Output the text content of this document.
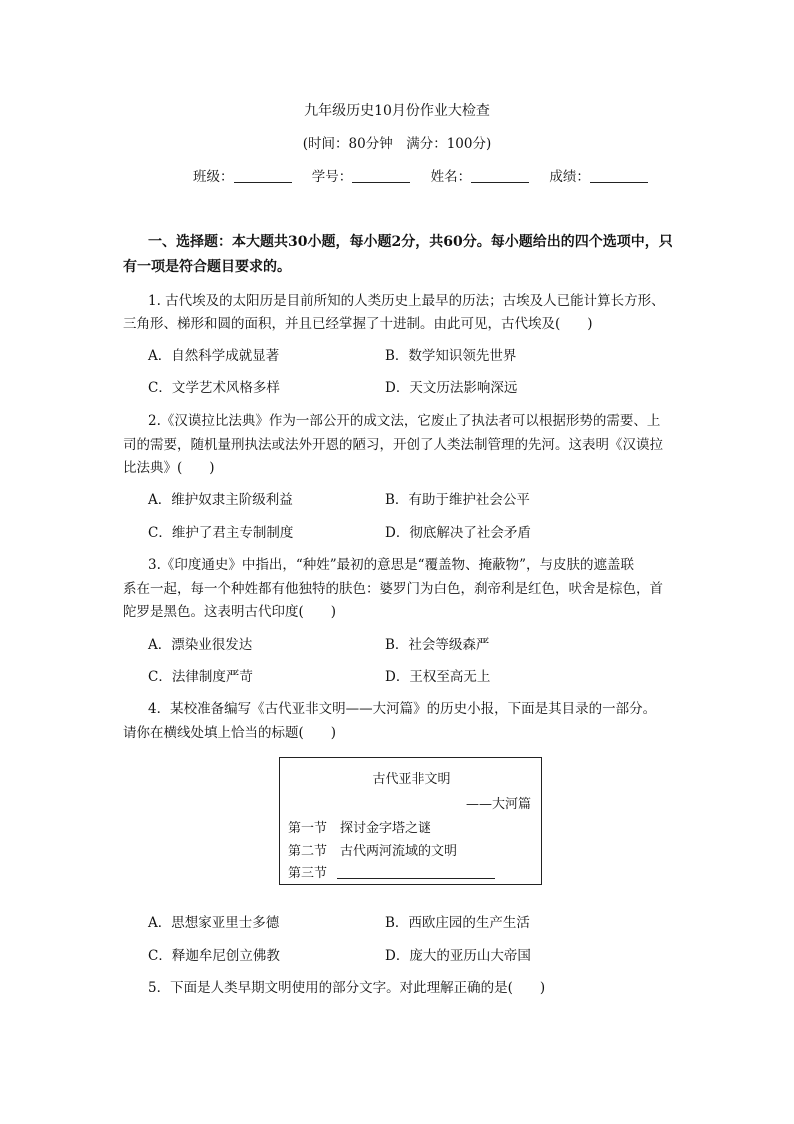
九年级历史10月份作业大检查
(时间：80分钟　满分：100分)
班级：	学号：	姓名：	成绩：
一、选择题：本大题共30小题，每小题2分，共60分。每小题给出的四个选项中，只
有一项是符合题目要求的。
1. 古代埃及的太阳历是目前所知的人类历史上最早的历法；古埃及人已能计算长方形、
三角形、梯形和圆的面积，并且已经掌握了十进制。由此可见，古代埃及(　　)
A．自然科学成就显著	B．数学知识领先世界
C．文学艺术风格多样	D．天文历法影响深远
2.《汉谟拉比法典》作为一部公开的成文法，它废止了执法者可以根据形势的需要、上
司的需要，随机量刑执法或法外开恩的陋习，开创了人类法制管理的先河。这表明《汉谟拉
比法典》(　　)
A．维护奴隶主阶级利益	B．有助于维护社会公平
C．维护了君主专制制度	D．彻底解决了社会矛盾
3.《印度通史》中指出，“种姓”最初的意思是“覆盖物、掩蔽物”，与皮肤的遮盖联
系在一起，每一个种姓都有他独特的肤色：婆罗门为白色，刹帝利是红色，吠舍是棕色，首
陀罗是黑色。这表明古代印度(　　)
A．漂染业很发达	B．社会等级森严
C．法律制度严苛	D．王权至高无上
4．某校准备编写《古代亚非文明——大河篇》的历史小报，下面是其目录的一部分。
请你在横线处填上恰当的标题(　　)
古代亚非文明
——大河篇
第一节　探讨金字塔之谜
第二节　古代两河流域的文明
第三节
A．思想家亚里士多德	B．西欧庄园的生产生活
C．释迦牟尼创立佛教	D．庞大的亚历山大帝国
5．下面是人类早期文明使用的部分文字。对此理解正确的是(　　)
